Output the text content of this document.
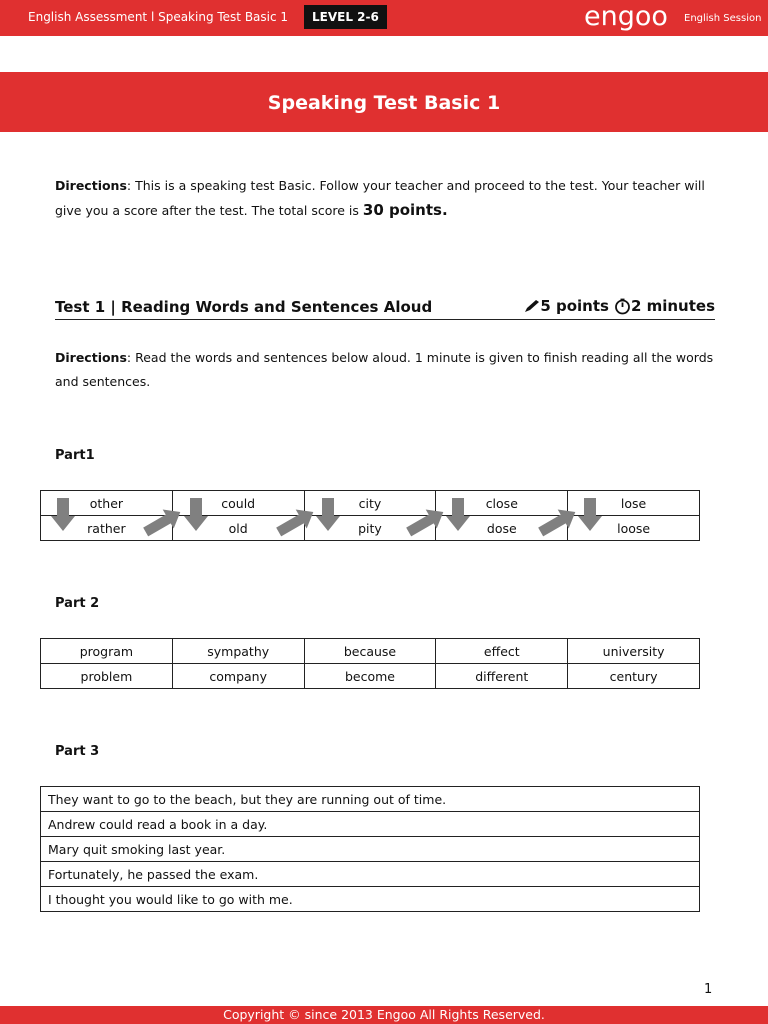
English Assessment l Speaking Test Basic 1	LEVEL 2-6	engoo English Session
Speaking Test Basic 1
Directions: This is a speaking test Basic. Follow your teacher and proceed to the test. Your teacher will give you a score after the test. The total score is 30 points.
Test 1 | Reading Words and Sentences Aloud	5 points 2 minutes
Directions: Read the words and sentences below aloud. 1 minute is given to finish reading all the words and sentences.
Part1
other	could	city	close	lose
rather	old	pity	dose	loose
Part 2
program	sympathy	because	effect	university
problem	company	become	different	century
Part 3
They want to go to the beach, but they are running out of time.
Andrew could read a book in a day.
Mary quit smoking last year.
Fortunately, he passed the exam.
I thought you would like to go with me.
1
Copyright © since 2013 Engoo All Rights Reserved.
